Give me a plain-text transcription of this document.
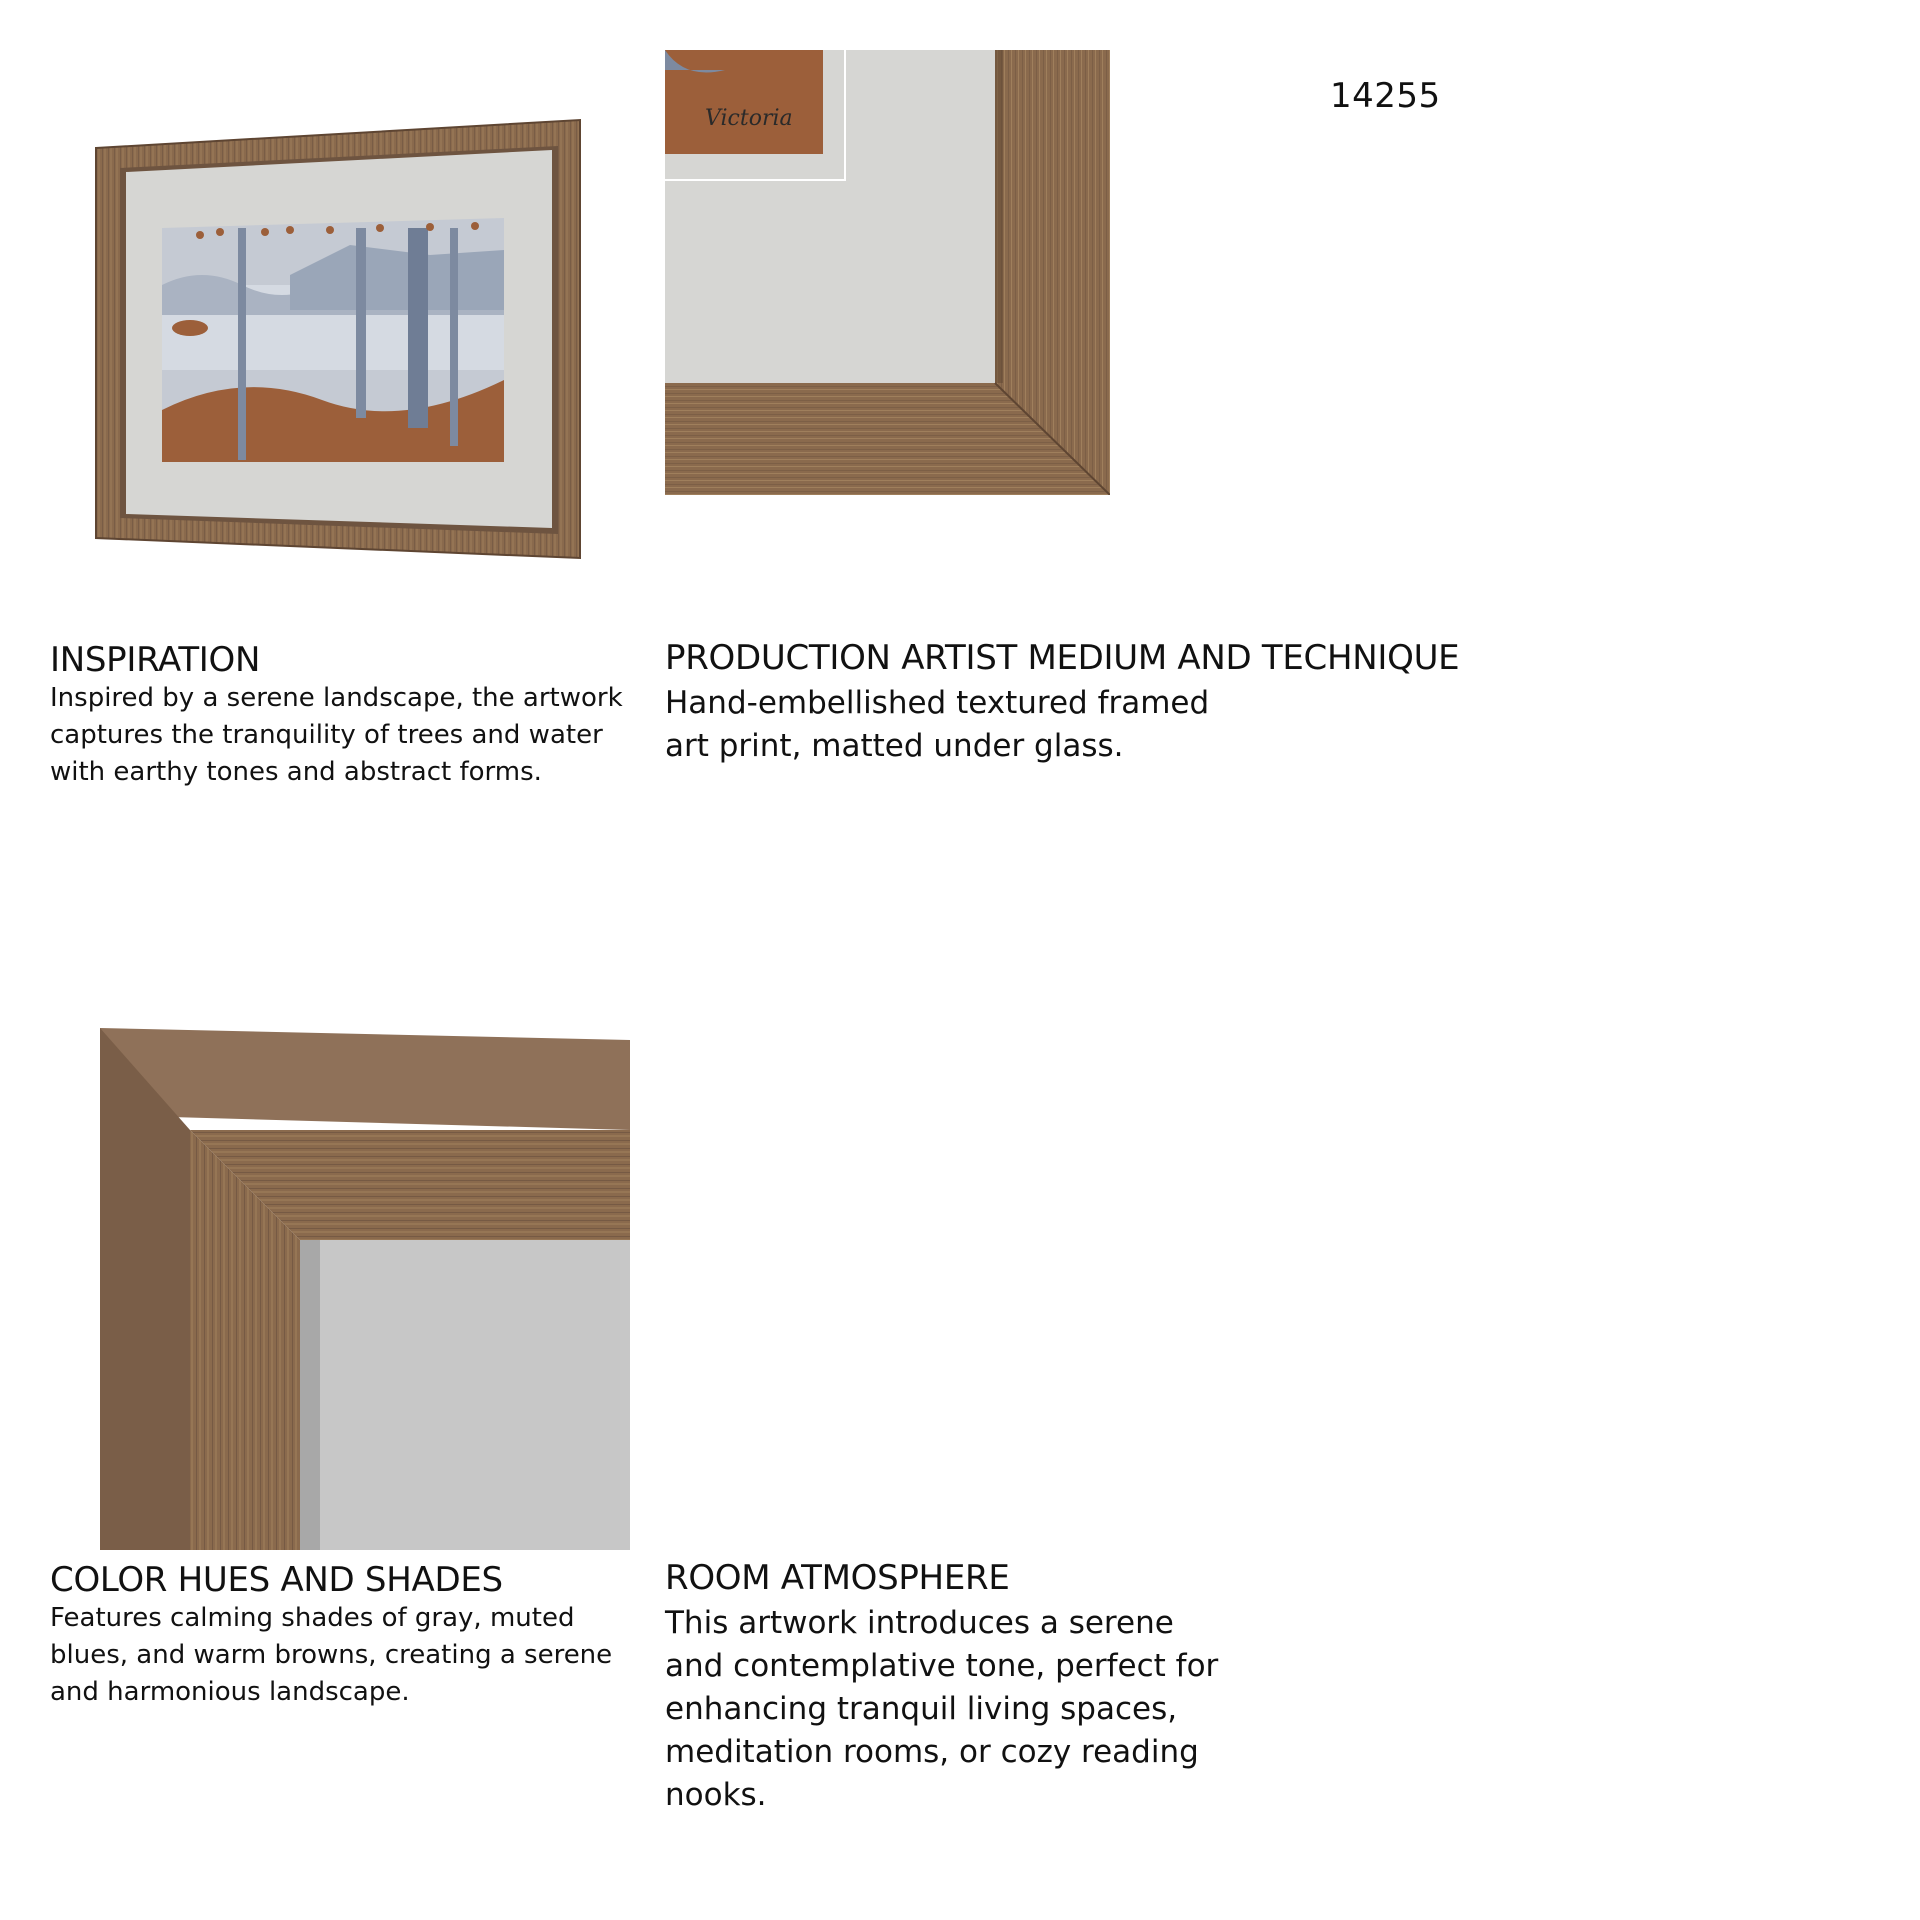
14255
Victoria
INSPIRATION

Inspired by a serene landscape, the artwork captures the tranquility of trees and water with earthy tones and abstract forms.

PRODUCTION ARTIST MEDIUM AND TECHNIQUE

Hand-embellished textured framed art print, matted under glass.

COLOR HUES AND SHADES

Features calming shades of gray, muted blues, and warm browns, creating a serene and harmonious landscape.

ROOM ATMOSPHERE

This artwork introduces a serene and contemplative tone, perfect for enhancing tranquil living spaces, meditation rooms, or cozy reading nooks.
